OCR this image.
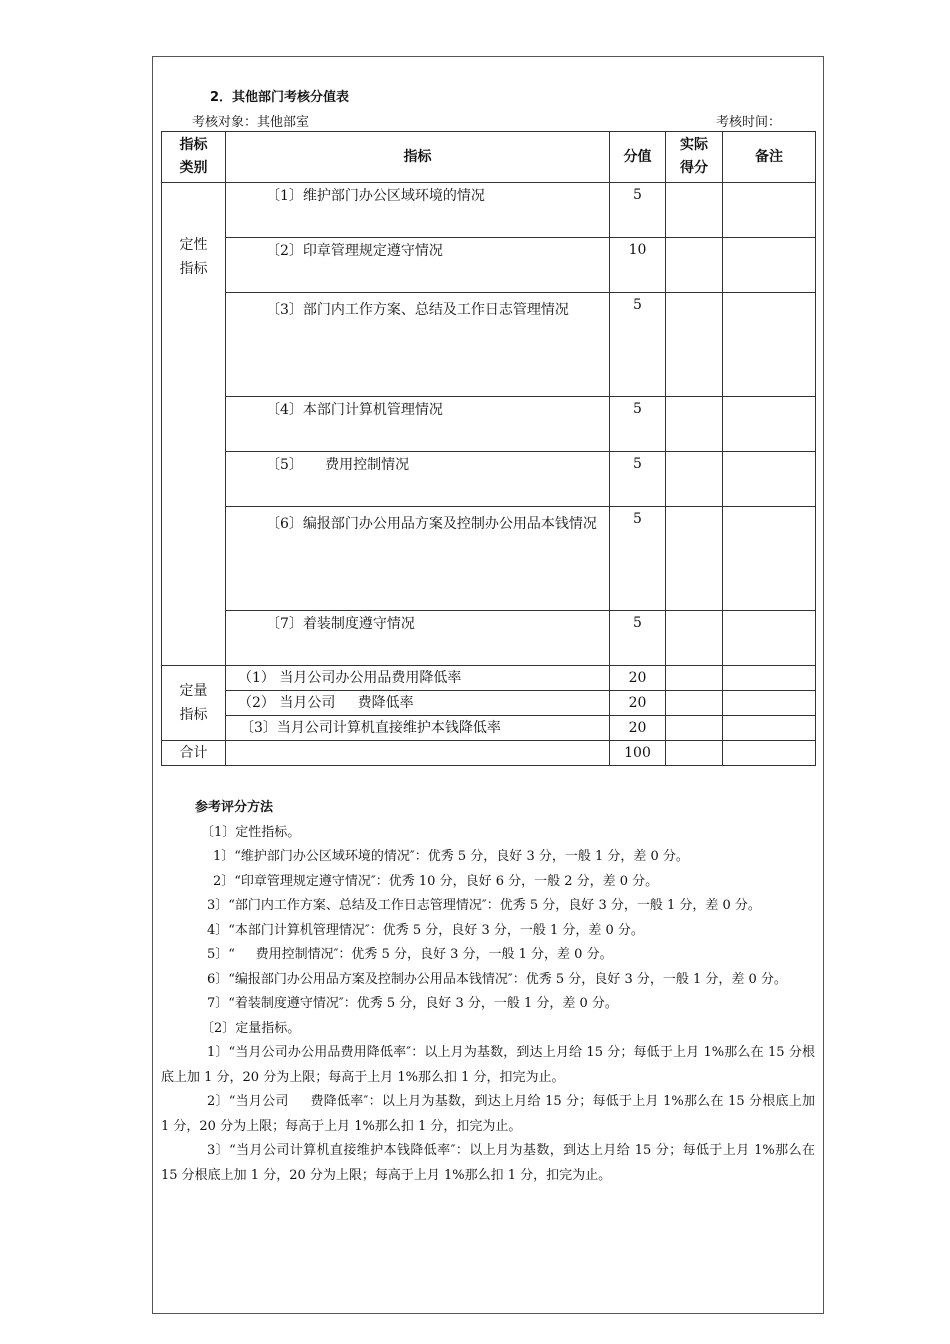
2．其他部门考核分值表
考核对象：其他部室	考核时间：
指标类别	指标	分值	实际得分	备注

定性指标	〔1〕维护部门办公区域环境的情况	5		
	〔2〕印章管理规定遵守情况	10		

	〔3〕部门内工作方案、总结及工作日志管理情况	5		
	〔4〕本部门计算机管理情况	5		
	〔5〕     费用控制情况	5		

	〔6〕编报部门办公用品方案及控制办公用品本钱情况	5		
	〔7〕着装制度遵守情况	5		

定量指标	（1） 当月公司办公用品费用降低率	20		
	（2） 当月公司     费降低率	20		
	〔3〕当月公司计算机直接维护本钱降低率	20		
合计		100		
参考评分方法
〔1〕定性指标。
1〕“维护部门办公区域环境的情况″：优秀 5 分，良好 3 分，一般 1 分，差 0 分。
2〕“印章管理规定遵守情况″：优秀 10 分，良好 6 分，一般 2 分，差 0 分。
3〕“部门内工作方案、总结及工作日志管理情况″：优秀 5 分，良好 3 分，一般 1 分，差 0 分。
4〕“本部门计算机管理情况″：优秀 5 分，良好 3 分，一般 1 分，差 0 分。
5〕“     费用控制情况″：优秀 5 分，良好 3 分，一般 1 分，差 0 分。
6〕“编报部门办公用品方案及控制办公用品本钱情况″：优秀 5 分，良好 3 分，一般 1 分，差 0 分。
7〕“着装制度遵守情况″：优秀 5 分，良好 3 分，一般 1 分，差 0 分。
〔2〕定量指标。
1〕“当月公司办公用品费用降低率″：以上月为基数，到达上月给 15 分；每低于上月 1%那么在 15 分根底上加 1 分，20 分为上限；每高于上月 1%那么扣 1 分，扣完为止。
2〕“当月公司     费降低率″：以上月为基数，到达上月给 15 分；每低于上月 1%那么在 15 分根底上加 1 分，20 分为上限；每高于上月 1%那么扣 1 分，扣完为止。
3〕“当月公司计算机直接维护本钱降低率″：以上月为基数，到达上月给 15 分；每低于上月 1%那么在 15 分根底上加 1 分，20 分为上限；每高于上月 1%那么扣 1 分，扣完为止。
